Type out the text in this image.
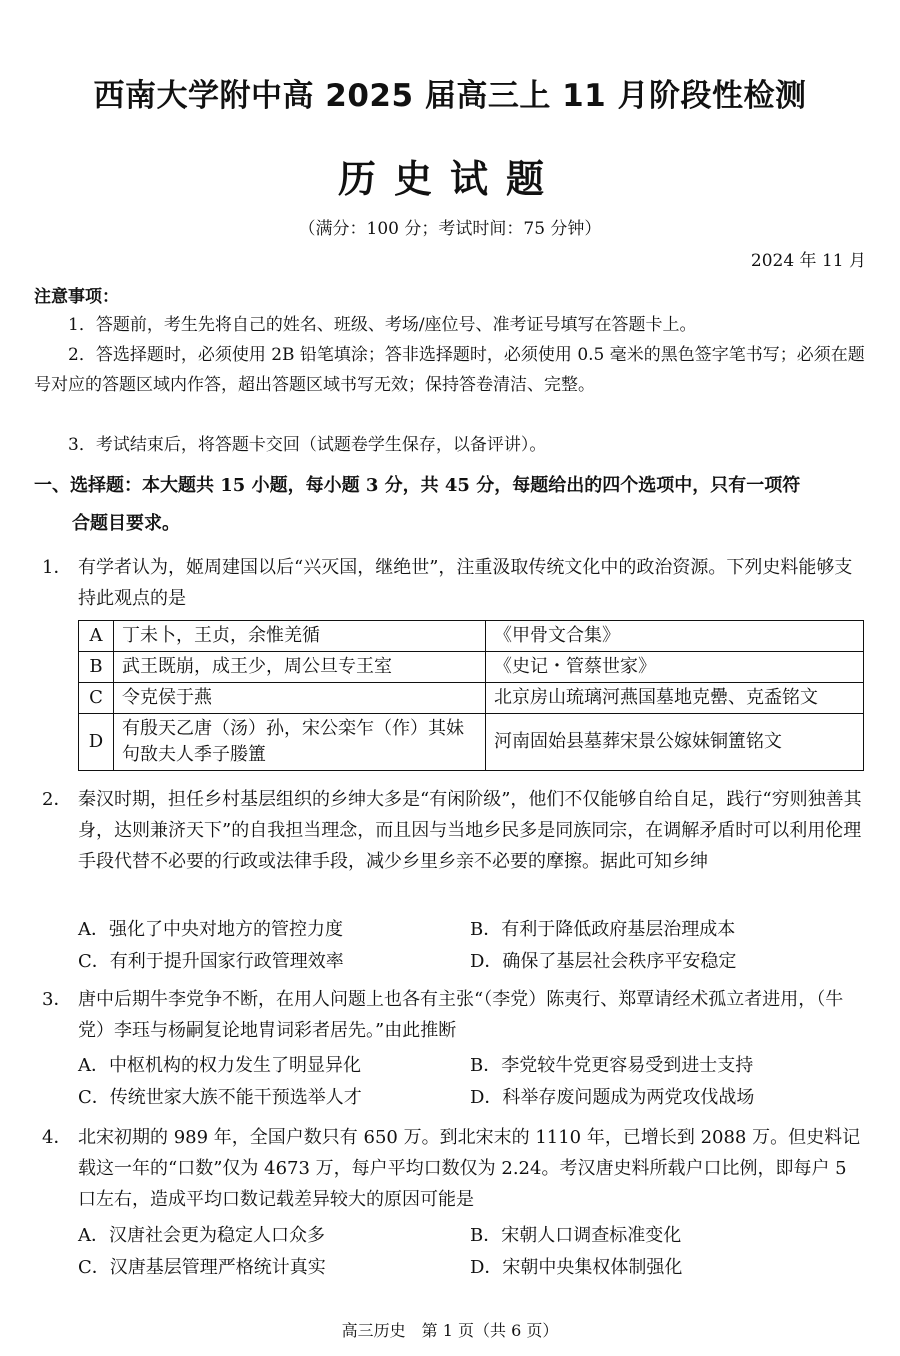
西南大学附中高 2025 届高三上 11 月阶段性检测
历史试题
（满分：100 分；考试时间：75 分钟）
2024 年 11 月
注意事项：
1．答题前，考生先将自己的姓名、班级、考场/座位号、准考证号填写在答题卡上。
2．答选择题时，必须使用 2B 铅笔填涂；答非选择题时，必须使用 0.5 毫米的黑色签字笔书写；必须在题号对应的答题区域内作答，超出答题区域书写无效；保持答卷清洁、完整。
3．考试结束后，将答题卡交回（试题卷学生保存，以备评讲）。
一、选择题：本大题共 15 小题，每小题 3 分，共 45 分，每题给出的四个选项中，只有一项符
合题目要求。
1． 有学者认为，姬周建国以后“兴灭国，继绝世”，注重汲取传统文化中的政治资源。下列史料能够支持此观点的是
A	丁未卜，王贞，余惟羌循	《甲骨文合集》
B	武王既崩，成王少，周公旦专王室	《史记・管蔡世家》
C	令克侯于燕	北京房山琉璃河燕国墓地克罍、克盉铭文
D	有殷天乙唐（汤）孙，宋公栾乍（作）其妹句敔夫人季子媵簠	河南固始县墓葬宋景公嫁妹铜簠铭文
2． 秦汉时期，担任乡村基层组织的乡绅大多是“有闲阶级”，他们不仅能够自给自足，践行“穷则独善其身，达则兼济天下”的自我担当理念，而且因与当地乡民多是同族同宗，在调解矛盾时可以利用伦理手段代替不必要的行政或法律手段，减少乡里乡亲不必要的摩擦。据此可知乡绅
A．强化了中央对地方的管控力度	B．有利于降低政府基层治理成本
C．有利于提升国家行政管理效率	D．确保了基层社会秩序平安稳定
3． 唐中后期牛李党争不断，在用人问题上也各有主张“（李党）陈夷行、郑覃请经术孤立者进用，（牛党）李珏与杨嗣复论地胄词彩者居先。”由此推断
A．中枢机构的权力发生了明显异化	B．李党较牛党更容易受到进士支持
C．传统世家大族不能干预选举人才	D．科举存废问题成为两党攻伐战场
4． 北宋初期的 989 年，全国户数只有 650 万。到北宋末的 1110 年，已增长到 2088 万。但史料记载这一年的“口数”仅为 4673 万，每户平均口数仅为 2.24。考汉唐史料所载户口比例，即每户 5 口左右，造成平均口数记载差异较大的原因可能是
A．汉唐社会更为稳定人口众多	B．宋朝人口调查标准变化
C．汉唐基层管理严格统计真实	D．宋朝中央集权体制强化
高三历史　第 1 页（共 6 页）
